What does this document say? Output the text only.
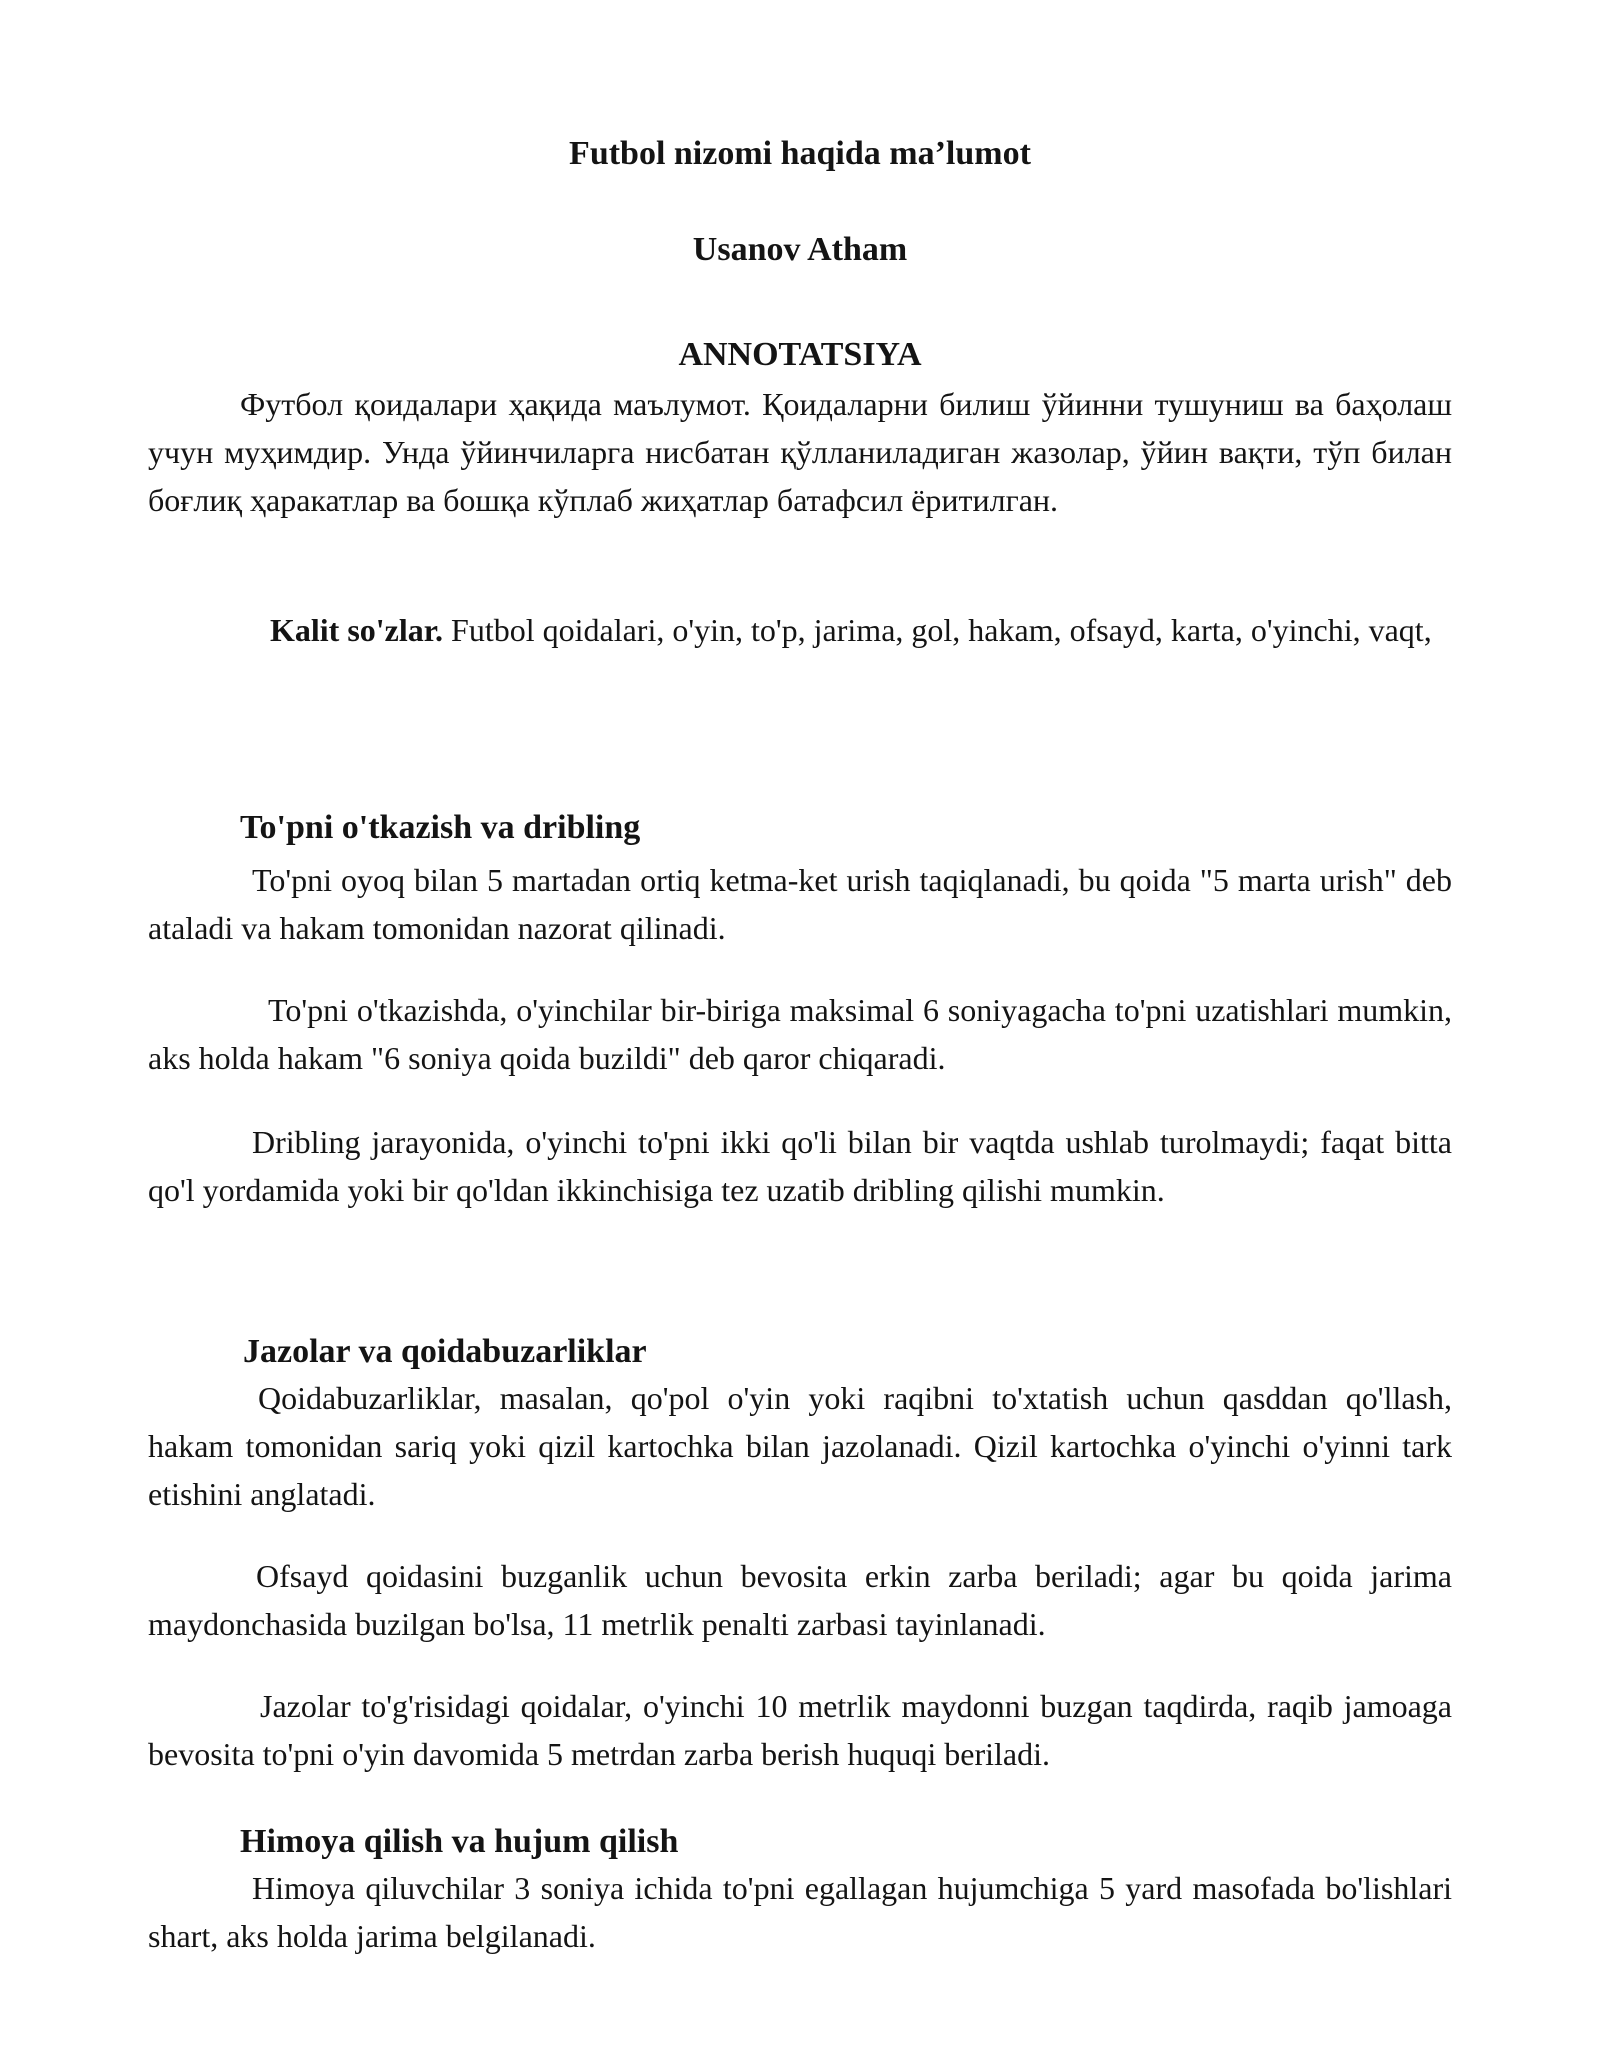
Futbol nizomi haqida ma’lumot
Usanov Atham
ANNOTATSIYA

Футбол қоидалари ҳақида маълумот. Қоидаларни билиш ўйинни тушуниш ва баҳолаш учун муҳимдир. Унда ўйинчиларга нисбатан қўлланиладиган жазолар, ўйин вақти, тўп билан боғлиқ ҳаракатлар ва бошқа кўплаб жиҳатлар батафсил ёритилган.

Kalit so'zlar. Futbol qoidalari, o'yin, to'p, jarima, gol, hakam, ofsayd, karta, o'yinchi, vaqt,

To'pni o'tkazish va dribling

To'pni oyoq bilan 5 martadan ortiq ketma-ket urish taqiqlanadi, bu qoida "5 marta urish" deb ataladi va hakam tomonidan nazorat qilinadi.

To'pni o'tkazishda, o'yinchilar bir-biriga maksimal 6 soniyagacha to'pni uzatishlari mumkin, aks holda hakam "6 soniya qoida buzildi" deb qaror chiqaradi.

Dribling jarayonida, o'yinchi to'pni ikki qo'li bilan bir vaqtda ushlab turolmaydi; faqat bitta qo'l yordamida yoki bir qo'ldan ikkinchisiga tez uzatib dribling qilishi mumkin.

Jazolar va qoidabuzarliklar

Qoidabuzarliklar, masalan, qo'pol o'yin yoki raqibni to'xtatish uchun qasddan qo'llash, hakam tomonidan sariq yoki qizil kartochka bilan jazolanadi. Qizil kartochka o'yinchi o'yinni tark etishini anglatadi.

Ofsayd qoidasini buzganlik uchun bevosita erkin zarba beriladi; agar bu qoida jarima maydonchasida buzilgan bo'lsa, 11 metrlik penalti zarbasi tayinlanadi.

Jazolar to'g'risidagi qoidalar, o'yinchi 10 metrlik maydonni buzgan taqdirda, raqib jamoaga bevosita to'pni o'yin davomida 5 metrdan zarba berish huquqi beriladi.

Himoya qilish va hujum qilish

Himoya qiluvchilar 3 soniya ichida to'pni egallagan hujumchiga 5 yard masofada bo'lishlari shart, aks holda jarima belgilanadi.
